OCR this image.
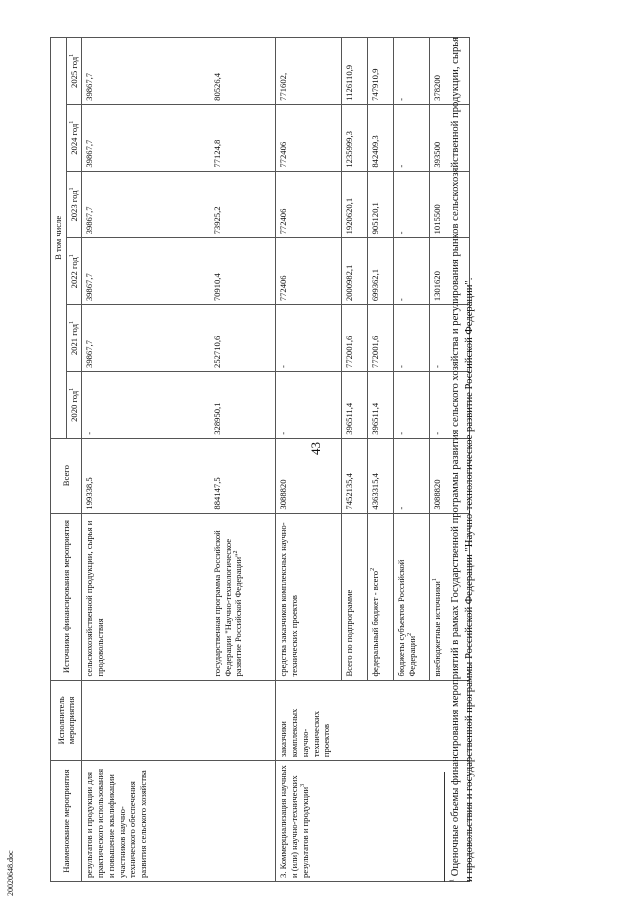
43
Наименование мероприятия	Исполнитель мероприятия	Источники финансирования мероприятия	Всего	В том числе					
				2020 год$^1$	2021 год$^1$	2022 год$^1$	2023 год$^1$	2024 год$^1$	2025 год$^1$
результатов и продукции для практического использования и повышение квалификации участников научно-технического обеспечения развития сельского хозяйства		сельскохозяйственной продукции, сырья и продовольствия	199338,5	-	39867,7	39867,7	39867,7	39867,7	39867,7
		государственная программа Российской Федерации "Научно-технологическое развитие Российской Федерации"$^2$	884147,5	328950,1	252710,6	70910,4	73925,2	77124,8	80526,4
3. Коммерциализация научных и (или) научно-технических результатов и продукции$^3$	заказчики комплексных научно-технических проектов	средства заказчиков комплексных научно-технических проектов	3088820	-	-	772406	772406	772406	771602,
		Всего по подпрограмме	7452135,4	396511,4	772001,6	2000982,1	1920620,1	1235999,3	1126110,9
		федеральный бюджет - всего$^2$	4363315,4	396511,4	772001,6	699362,1	905120,1	842409,3	747910,9
		бюджеты субъектов Российской Федерации$^2$	-	-	-	-	-	-	-
		внебюджетные источники$^1$	3088820	-	-	1301620	1015500	393500	378200
$^1$ Оценочные объемы финансирования мероприятий в рамках Государственной программы развития сельского хозяйства и регулирования рынков сельскохозяйственной продукции, сырья и продовольствия и государственной программы Российской Федерации "Научно-технологическое развитие Российской Федерации".
20020648.doc
